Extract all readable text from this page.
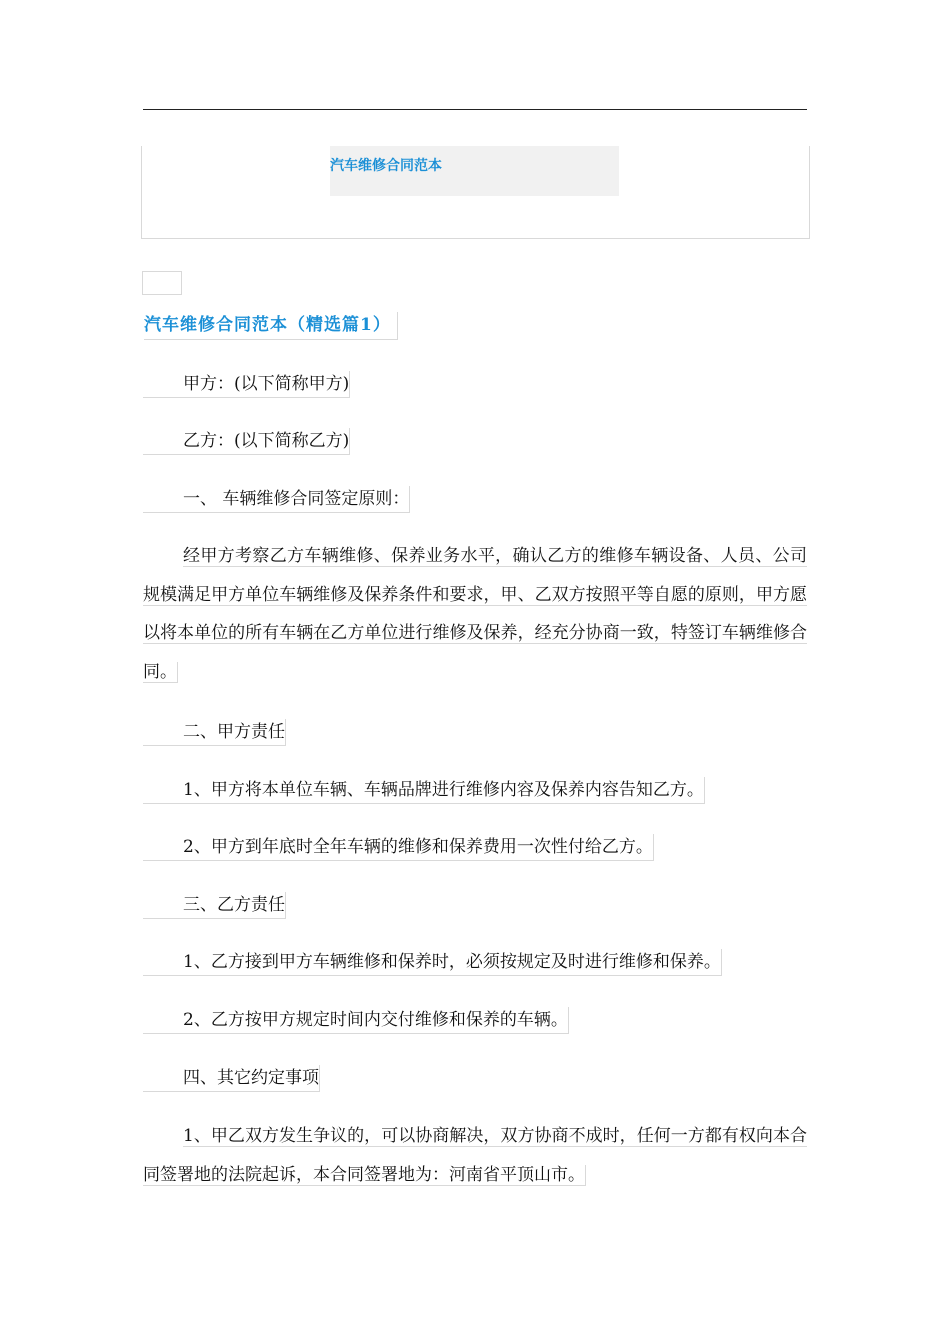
汽车维修合同范本
汽车维修合同范本（精选篇1）
甲方：(以下简称甲方)
乙方：(以下简称乙方)
一、 车辆维修合同签定原则：
经甲方考察乙方车辆维修、保养业务水平，确认乙方的维修车辆设备、人员、公司规模满足甲方单位车辆维修及保养条件和要求，甲、乙双方按照平等自愿的原则，甲方愿以将本单位的所有车辆在乙方单位进行维修及保养，经充分协商一致，特签订车辆维修合同。
二、甲方责任
1、甲方将本单位车辆、车辆品牌进行维修内容及保养内容告知乙方。
2、甲方到年底时全年车辆的维修和保养费用一次性付给乙方。
三、乙方责任
1、乙方接到甲方车辆维修和保养时，必须按规定及时进行维修和保养。
2、乙方按甲方规定时间内交付维修和保养的车辆。
四、其它约定事项
1、甲乙双方发生争议的，可以协商解决，双方协商不成时，任何一方都有权向本合同签署地的法院起诉，本合同签署地为：河南省平顶山市。
